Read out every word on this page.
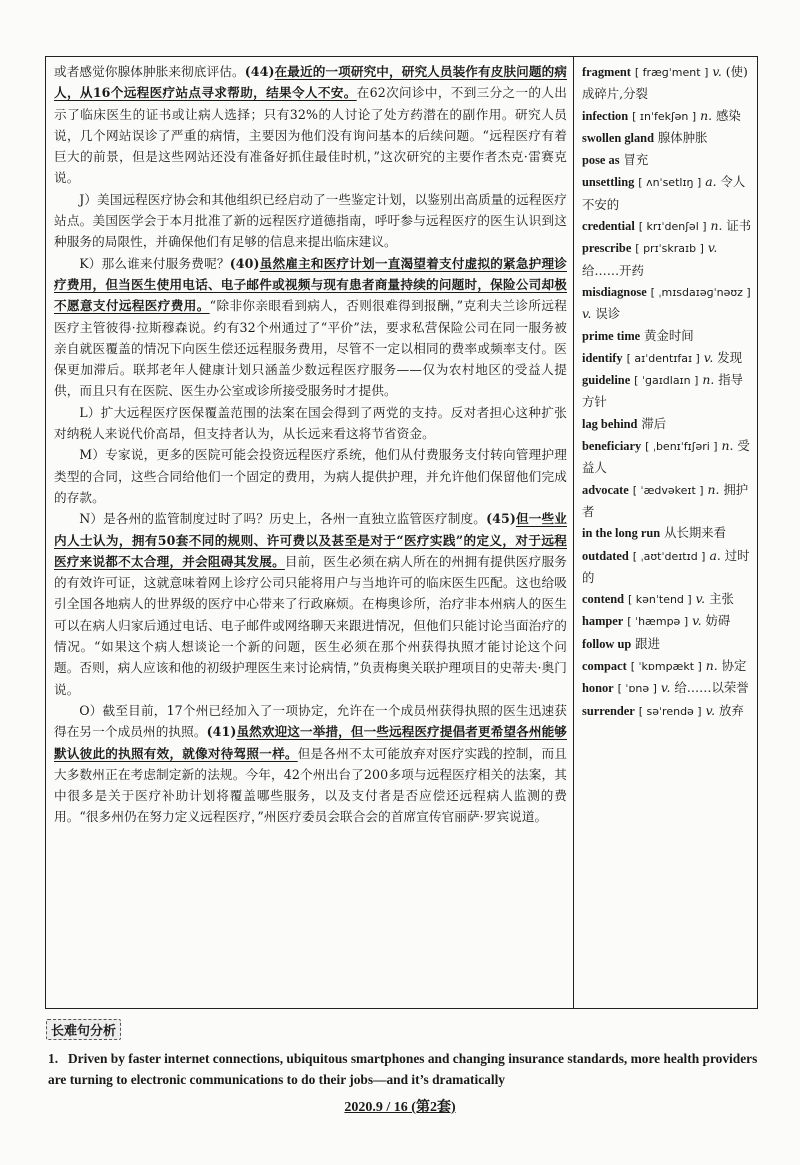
或者感觉你腺体肿胀来彻底评估。(44)在最近的一项研究中，研究人员装作有皮肤问题的病人，从16个远程医疗站点寻求帮助，结果令人不安。在62次问诊中，不到三分之一的人出示了临床医生的证书或让病人选择；只有32%的人讨论了处方药潜在的副作用。研究人员说，几个网站误诊了严重的病情，主要因为他们没有询问基本的后续问题。“远程医疗有着巨大的前景，但是这些网站还没有准备好抓住最佳时机，”这次研究的主要作者杰克·雷赛克说。

J）美国远程医疗协会和其他组织已经启动了一些鉴定计划，以鉴别出高质量的远程医疗站点。美国医学会于本月批准了新的远程医疗道德指南，呼吁参与远程医疗的医生认识到这种服务的局限性，并确保他们有足够的信息来提出临床建议。

K）那么谁来付服务费呢？(40)虽然雇主和医疗计划一直渴望着支付虚拟的紧急护理诊疗费用，但当医生使用电话、电子邮件或视频与现有患者商量持续的问题时，保险公司却极不愿意支付远程医疗费用。“除非你亲眼看到病人，否则很难得到报酬，”克利夫兰诊所远程医疗主管彼得·拉斯穆森说。约有32个州通过了“平价”法，要求私营保险公司在同一服务被亲自就医覆盖的情况下向医生偿还远程服务费用，尽管不一定以相同的费率或频率支付。医保更加滞后。联邦老年人健康计划只涵盖少数远程医疗服务——仅为农村地区的受益人提供，而且只有在医院、医生办公室或诊所接受服务时才提供。

L）扩大远程医疗医保覆盖范围的法案在国会得到了两党的支持。反对者担心这种扩张对纳税人来说代价高昂，但支持者认为，从长远来看这将节省资金。

M）专家说，更多的医院可能会投资远程医疗系统，他们从付费服务支付转向管理护理类型的合同，这些合同给他们一个固定的费用，为病人提供护理，并允许他们保留他们完成的存款。

N）是各州的监管制度过时了吗？历史上，各州一直独立监管医疗制度。(45)但一些业内人士认为，拥有50套不同的规则、许可费以及甚至是对于“医疗实践”的定义，对于远程医疗来说都不太合理，并会阻碍其发展。目前，医生必须在病人所在的州拥有提供医疗服务的有效许可证，这就意味着网上诊疗公司只能将用户与当地许可的临床医生匹配。这也给吸引全国各地病人的世界级的医疗中心带来了行政麻烦。在梅奥诊所，治疗非本州病人的医生可以在病人归家后通过电话、电子邮件或网络聊天来跟进情况，但他们只能讨论当面治疗的情况。“如果这个病人想谈论一个新的问题，医生必须在那个州获得执照才能讨论这个问题。否则，病人应该和他的初级护理医生来讨论病情，”负责梅奥关联护理项目的史蒂夫·奥门说。

O）截至目前，17个州已经加入了一项协定，允许在一个成员州获得执照的医生迅速获得在另一个成员州的执照。(41)虽然欢迎这一举措，但一些远程医疗提倡者更希望各州能够默认彼此的执照有效，就像对待驾照一样。但是各州不太可能放弃对医疗实践的控制，而且大多数州正在考虑制定新的法规。今年，42个州出台了200多项与远程医疗相关的法案，其中很多是关于医疗补助计划将覆盖哪些服务，以及支付者是否应偿还远程病人监测的费用。“很多州仍在努力定义远程医疗，”州医疗委员会联合会的首席宣传官丽萨·罗宾说道。

fragment [ fræɡˈment ] v. (使)成碎片,分裂
infection [ ɪnˈfekʃən ] n. 感染
swollen gland 腺体肿胀
pose as 冒充
unsettling [ ʌnˈsetlɪŋ ] a. 令人不安的
credential [ krɪˈdenʃəl ] n. 证书
prescribe [ prɪˈskraɪb ] v. 给……开药
misdiagnose [ ˌmɪsdaɪəɡˈnəʊz ] v. 误诊
prime time 黄金时间
identify [ aɪˈdentɪfaɪ ] v. 发现
guideline [ ˈɡaɪdlaɪn ] n. 指导方针
lag behind 滞后
beneficiary [ ˌbenɪˈfɪʃəri ] n. 受益人
advocate [ ˈædvəkeɪt ] n. 拥护者
in the long run 从长期来看
outdated [ ˌaʊtˈdeɪtɪd ] a. 过时的
contend [ kənˈtend ] v. 主张
hamper [ ˈhæmpə ] v. 妨碍
follow up 跟进
compact [ ˈkɒmpækt ] n. 协定
honor [ ˈɒnə ] v. 给……以荣誉
surrender [ səˈrendə ] v. 放弃
长难句分析

1. Driven by faster internet connections, ubiquitous smartphones and changing insurance standards, more health providers are turning to electronic communications to do their jobs—and it’s dramatically

2020.9 / 16 (第2套)
